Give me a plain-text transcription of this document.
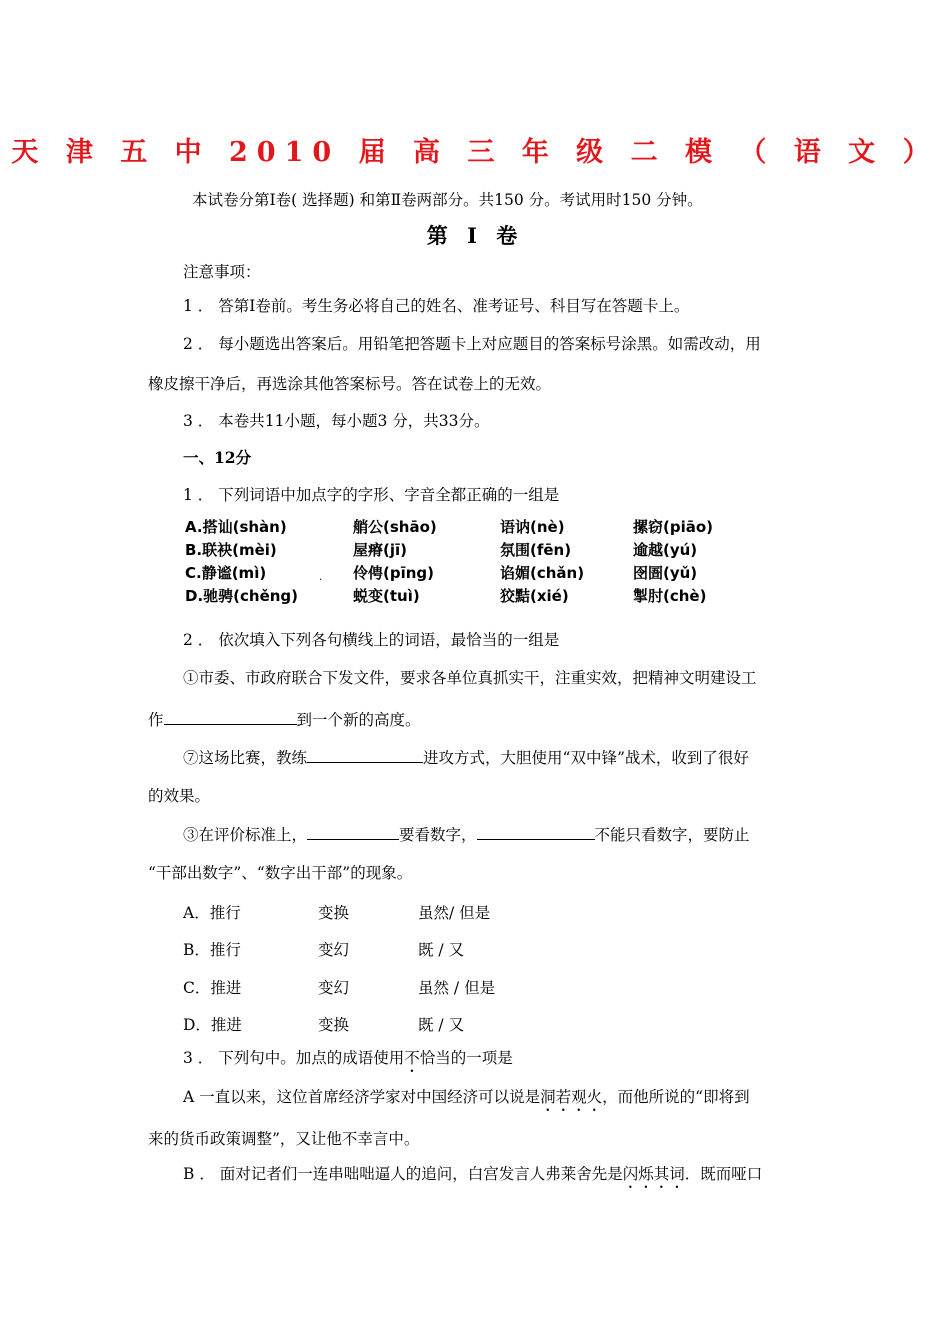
天 津 五 中 2010 届 高 三 年 级 二 模 （ 语 文 ）
本试卷分第Ⅰ卷( 选择题) 和第Ⅱ卷两部分。共150 分。考试用时150 分钟。
第 Ⅰ 卷
注意事项：
1 ． 答第Ⅰ卷前。考生务必将自己的姓名、准考证号、科目写在答题卡上。
2 ． 每小题选出答案后。用铅笔把答题卡上对应题目的答案标号涂黑。如需改动，用
橡皮擦干净后，再选涂其他答案标号。答在试卷上的无效。
3 ． 本卷共11小题，每小题3 分，共33分。
一、12分
1 ． 下列词语中加点字的字形、字音全都正确的一组是
A.搭讪(shàn)	艄公(shāo)	语讷(nè)	摞窃(piāo)
B.联袂(mèi)	屋瘠(jī)	氛围(fēn)	逾越(yú)
C.静谧(mì)	伶俜(pīng)	谄媚(chǎn)	囹圄(yǔ)
D.驰骋(chěng)	蜕变(tuì)	狡黠(xié)	掣肘(chè)
·
2 ． 依次填入下列各句横线上的词语，最恰当的一组是
①市委、市政府联合下发文件，要求各单位真抓实干，注重实效，把精神文明建设工
作	到一个新的高度。
⑦这场比赛，教练	进攻方式，大胆使用“双中锋”战术，收到了很好
的效果。
③在评价标准上，	要看数字，	不能只看数字，要防止
“干部出数字”、“数字出干部”的现象。
A．推行	变换	虽然/ 但是
B．推行	变幻	既 / 又
C．推进	变幻	虽然 / 但是
D．推进	变换	既 / 又
3 ． 下列句中。加点的成语使用不恰当的一项是
A 一直以来，这位首席经济学家对中国经济可以说是洞若观火，而他所说的“即将到
来的货币政策调整”，又让他不幸言中。
B ． 面对记者们一连串咄咄逼人的追问，白宫发言人弗莱舍先是闪烁其词．既而哑口
